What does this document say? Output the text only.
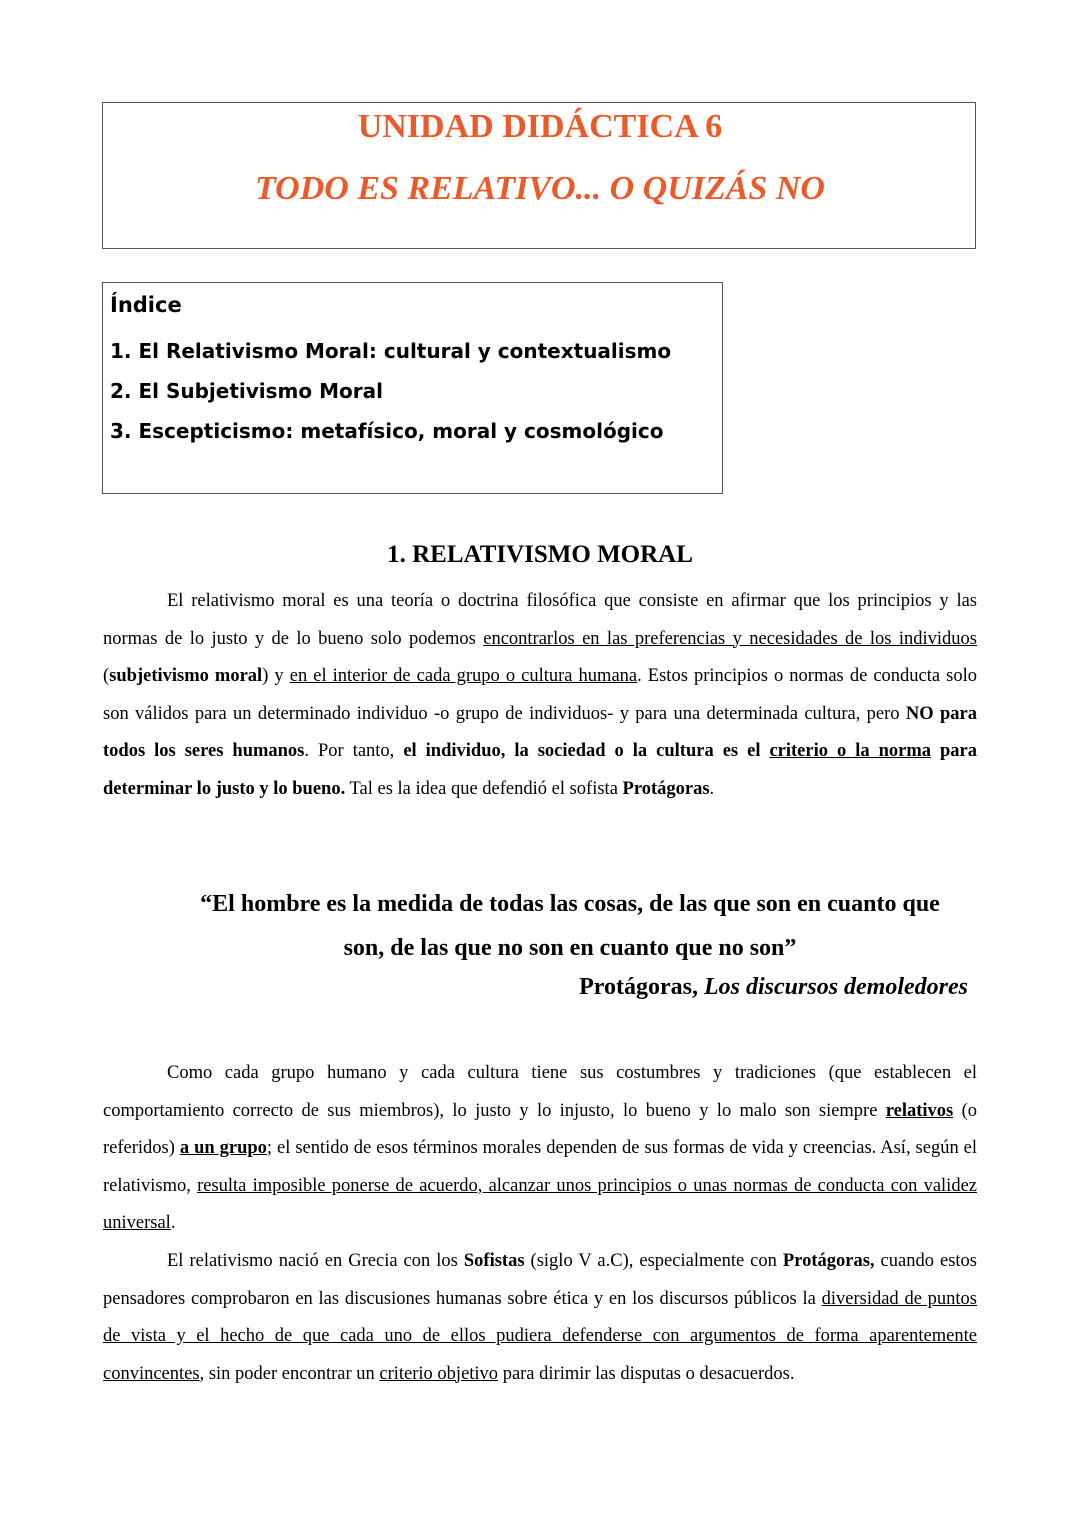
UNIDAD DIDÁCTICA 6
TODO ES RELATIVO... O QUIZÁS NO
Índice
1. El Relativismo Moral: cultural y contextualismo
2. El Subjetivismo Moral
3. Escepticismo: metafísico, moral y cosmológico
1. RELATIVISMO MORAL

El relativismo moral es una teoría o doctrina filosófica que consiste en afirmar que los principios y las normas de lo justo y de lo bueno solo podemos encontrarlos en las preferencias y necesidades de los individuos (subjetivismo moral) y en el interior de cada grupo o cultura humana. Estos principios o normas de conducta solo son válidos para un determinado individuo -o grupo de individuos- y para una determinada cultura, pero NO para todos los seres humanos. Por tanto, el individuo, la sociedad o la cultura es el criterio o la norma para determinar lo justo y lo bueno. Tal es la idea que defendió el sofista Protágoras.

“El hombre es la medida de todas las cosas, de las que son en cuanto que
son, de las que no son en cuanto que no son”
Protágoras, Los discursos demoledores

Como cada grupo humano y cada cultura tiene sus costumbres y tradiciones (que establecen el comportamiento correcto de sus miembros), lo justo y lo injusto, lo bueno y lo malo son siempre relativos (o referidos) a un grupo; el sentido de esos términos morales dependen de sus formas de vida y creencias. Así, según el relativismo, resulta imposible ponerse de acuerdo, alcanzar unos principios o unas normas de conducta con validez universal.

El relativismo nació en Grecia con los Sofistas (siglo V a.C), especialmente con Protágoras, cuando estos pensadores comprobaron en las discusiones humanas sobre ética y en los discursos públicos la diversidad de puntos de vista y el hecho de que cada uno de ellos pudiera defenderse con argumentos de forma aparentemente convincentes, sin poder encontrar un criterio objetivo para dirimir las disputas o desacuerdos.
